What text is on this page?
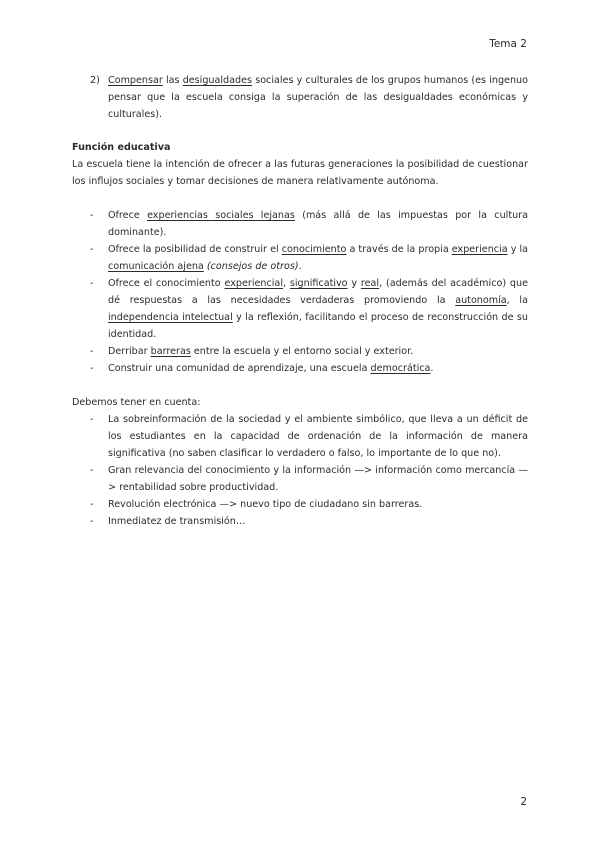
Tema 2
2) Compensar las desigualdades sociales y culturales de los grupos humanos (es ingenuo pensar que la escuela consiga la superación de las desigualdades económicas y culturales).
Función educativa

La escuela tiene la intención de ofrecer a las futuras generaciones la posibilidad de cuestionar los influjos sociales y tomar decisiones de manera relativamente autónoma.

-	Ofrece experiencias sociales lejanas (más allá de las impuestas por la cultura dominante).
-	Ofrece la posibilidad de construir el conocimiento a través de la propia experiencia y la comunicación ajena (consejos de otros).
-	Ofrece el conocimiento experiencial, significativo y real, (además del académico) que dé respuestas a las necesidades verdaderas promoviendo la autonomía, la independencia intelectual y la reflexión, facilitando el proceso de reconstrucción de su identidad.
-	Derribar barreras entre la escuela y el entorno social y exterior.
-	Construir una comunidad de aprendizaje, una escuela democrática.

Debemos tener en cuenta:

-	La sobreinformación de la sociedad y el ambiente simbólico, que lleva a un déficit de los estudiantes en la capacidad de ordenación de la información de manera significativa (no saben clasificar lo verdadero o falso, lo importante de lo que no).
-	Gran relevancia del conocimiento y la información —> información como mercancía —> rentabilidad sobre productividad.
-	Revolución electrónica —> nuevo tipo de ciudadano sin barreras.
-	Inmediatez de transmisión…
2
